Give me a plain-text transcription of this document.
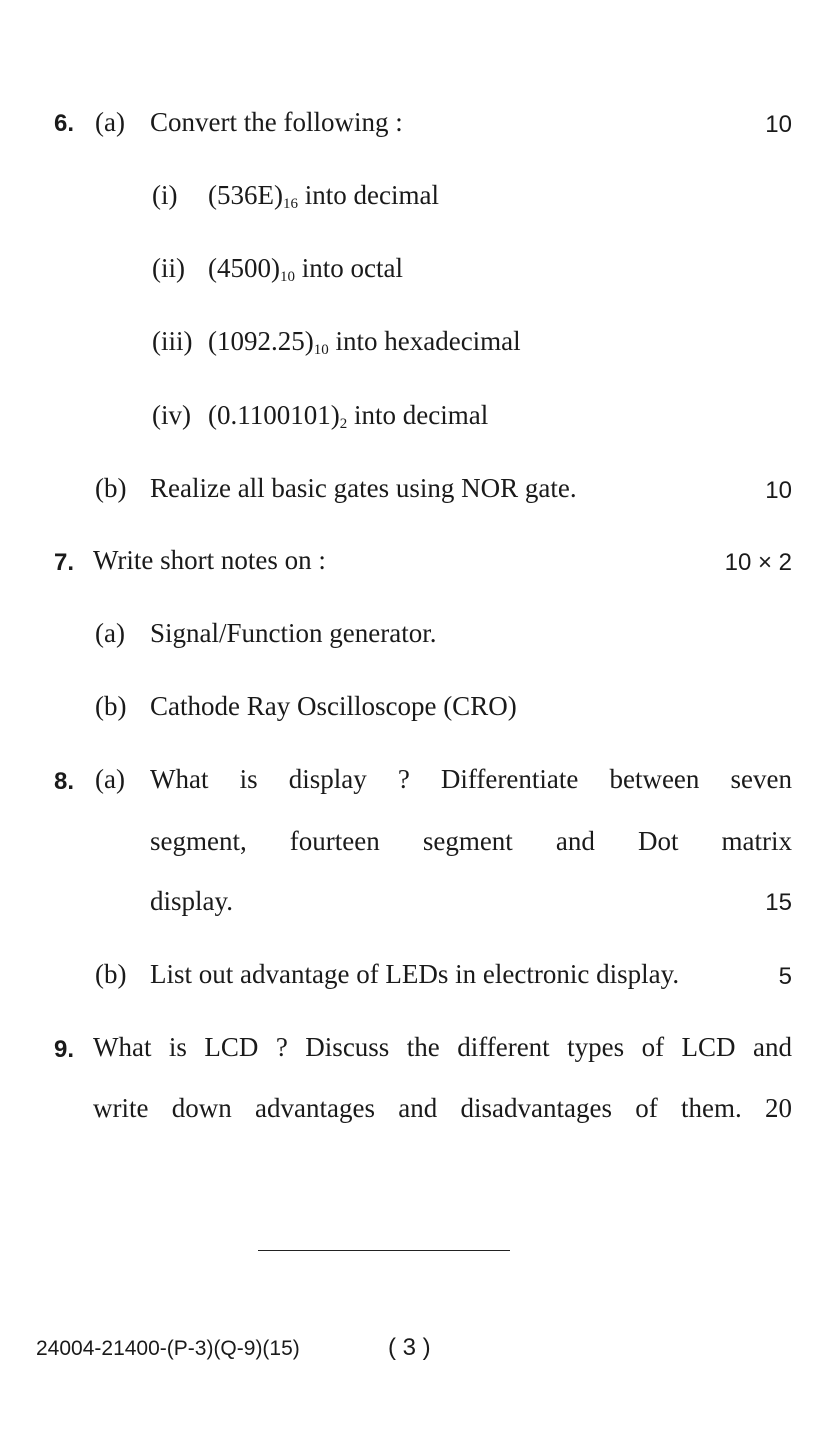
6. (a) Convert the following :	10
(i) $(536E)_{16}$ into decimal
(ii) $(4500)_{10}$ into octal
(iii) $(1092.25)_{10}$ into hexadecimal
(iv) $(0.1100101)_2$ into decimal
(b) Realize all basic gates using NOR gate.	10
7. Write short notes on :	10 × 2
(a) Signal/Function generator.
(b) Cathode Ray Oscilloscope (CRO)
8. (a) What is display ? Differentiate between seven
segment, fourteen segment and Dot matrix
display.	15
(b) List out advantage of LEDs in electronic display.	5
9. What is LCD ? Discuss the different types of LCD and
write down advantages and disadvantages of them. 20
24004-21400-(P-3)(Q-9)(15)	( 3 )
